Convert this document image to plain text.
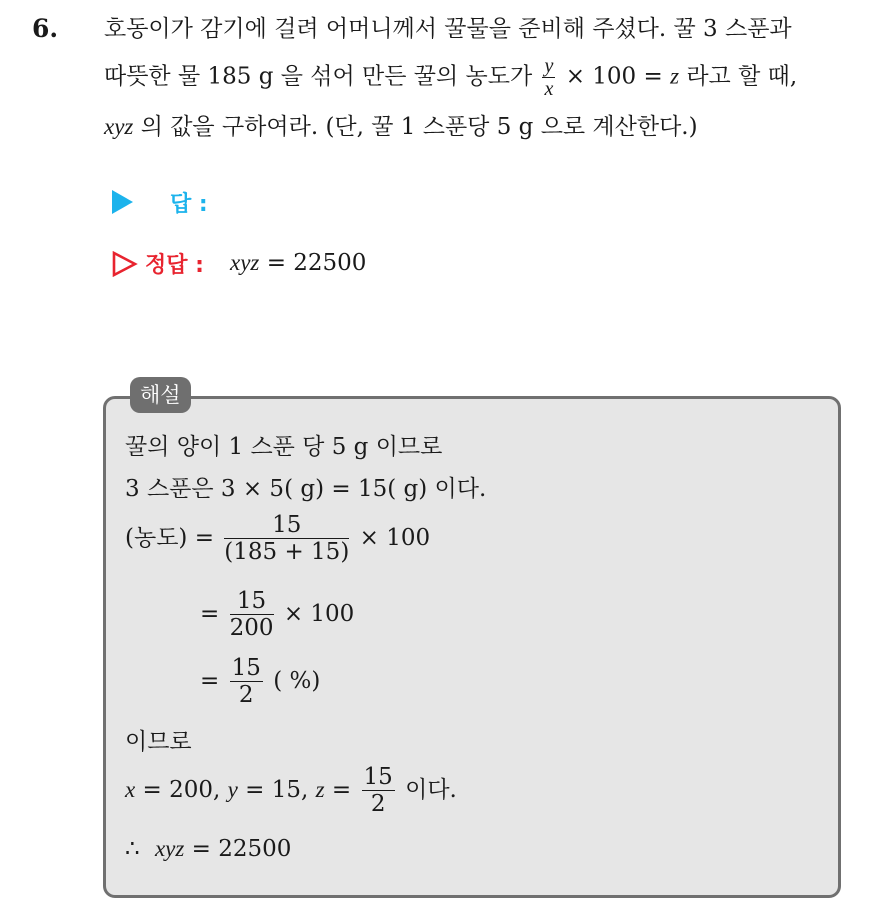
6. 호동이가 감기에 걸려 어머니께서 꿀물을 준비해 주셨다. 꿀 3 스푼과
따뜻한 물 185 g 을 섞어 만든 꿀의 농도가 $\frac{y}{x} \times 100 = z$ 라고 할 때,
xyz 의 값을 구하여라. (단, 꿀 1 스푼당 5 g 으로 계산한다.)
답 :
정답 : xyz = 22500
해설
꿀의 양이 1 스푼 당 5 g 이므로
3 스푼은 3 × 5( g) = 15( g) 이다.
(농도) = $\frac{15}{(185 + 15)} \times 100$
= $\frac{15}{200} \times 100$
= $\frac{15}{2}$ ( %)
이므로
x = 200, y = 15, $z = \frac{15}{2}$ 이다.
∴ xyz = 22500
